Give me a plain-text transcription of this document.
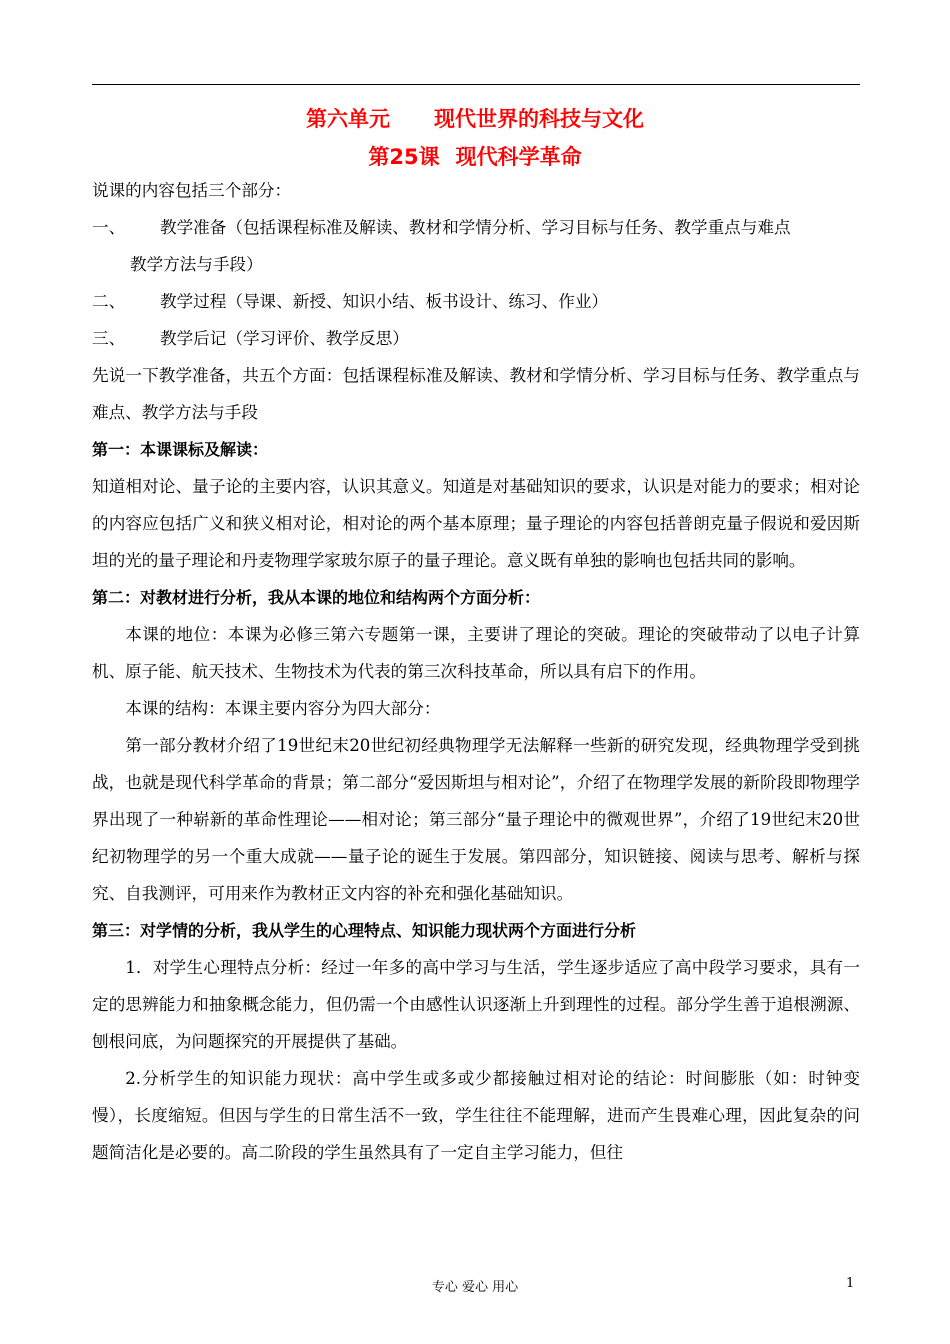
第六单元 现代世界的科技与文化
第25课 现代科学革命

说课的内容包括三个部分：

一、	教学准备（包括课程标准及解读、教材和学情分析、学习目标与任务、教学重点与难点
教学方法与手段）
二、	教学过程（导课、新授、知识小结、板书设计、练习、作业）
三、	教学后记（学习评价、教学反思）

先说一下教学准备，共五个方面：包括课程标准及解读、教材和学情分析、学习目标与任务、教学重点与难点、教学方法与手段

第一：本课课标及解读：

知道相对论、量子论的主要内容，认识其意义。知道是对基础知识的要求，认识是对能力的要求；相对论的内容应包括广义和狭义相对论，相对论的两个基本原理；量子理论的内容包括普朗克量子假说和爱因斯坦的光的量子理论和丹麦物理学家玻尔原子的量子理论。意义既有单独的影响也包括共同的影响。

第二：对教材进行分析，我从本课的地位和结构两个方面分析：

本课的地位：本课为必修三第六专题第一课，主要讲了理论的突破。理论的突破带动了以电子计算机、原子能、航天技术、生物技术为代表的第三次科技革命，所以具有启下的作用。

本课的结构：本课主要内容分为四大部分：

第一部分教材介绍了19世纪末20世纪初经典物理学无法解释一些新的研究发现，经典物理学受到挑战，也就是现代科学革命的背景；第二部分“爱因斯坦与相对论”，介绍了在物理学发展的新阶段即物理学界出现了一种崭新的革命性理论——相对论；第三部分“量子理论中的微观世界”，介绍了19世纪末20世纪初物理学的另一个重大成就——量子论的诞生于发展。第四部分，知识链接、阅读与思考、解析与探究、自我测评，可用来作为教材正文内容的补充和强化基础知识。

第三：对学情的分析，我从学生的心理特点、知识能力现状两个方面进行分析

1．对学生心理特点分析：经过一年多的高中学习与生活，学生逐步适应了高中段学习要求，具有一定的思辨能力和抽象概念能力，但仍需一个由感性认识逐渐上升到理性的过程。部分学生善于追根溯源、刨根问底，为问题探究的开展提供了基础。

2.分析学生的知识能力现状：高中学生或多或少都接触过相对论的结论：时间膨胀（如：时钟变慢），长度缩短。但因与学生的日常生活不一致，学生往往不能理解，进而产生畏难心理，因此复杂的问题简洁化是必要的。高二阶段的学生虽然具有了一定自主学习能力，但往

专心 爱心 用心	1
